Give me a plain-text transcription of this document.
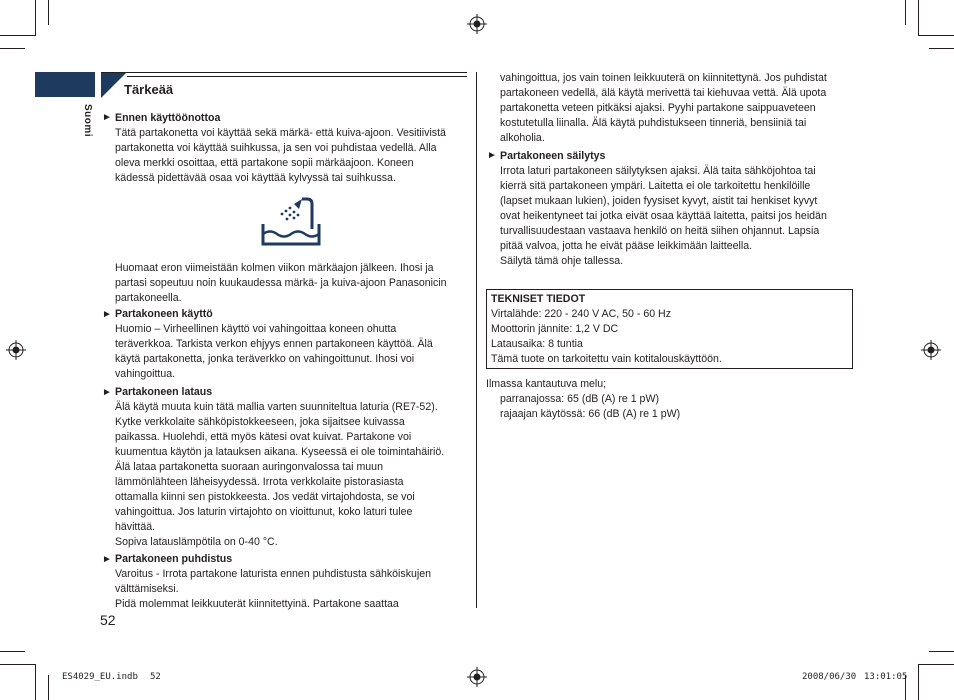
Suomi
Tärkeää
► Ennen käyttöönottoa
Tätä partakonetta voi käyttää sekä märkä- että kuiva-ajoon. Vesitiivistä
partakonetta voi käyttää suihkussa, ja sen voi puhdistaa vedellä. Alla
oleva merkki osoittaa, että partakone sopii märkäajoon. Koneen
kädessä pidettävää osaa voi käyttää kylvyssä tai suihkussa.
Huomaat eron viimeistään kolmen viikon märkäajon jälkeen. Ihosi ja
partasi sopeutuu noin kuukaudessa märkä- ja kuiva-ajoon Panasonicin
partakoneella.
► Partakoneen käyttö
Huomio – Virheellinen käyttö voi vahingoittaa koneen ohutta
teräverkkoa. Tarkista verkon ehjyys ennen partakoneen käyttöä. Älä
käytä partakonetta, jonka teräverkko on vahingoittunut. Ihosi voi
vahingoittua.
► Partakoneen lataus
Älä käytä muuta kuin tätä mallia varten suunniteltua laturia (RE7-52).
Kytke verkkolaite sähköpistokkeeseen, joka sijaitsee kuivassa
paikassa. Huolehdi, että myös kätesi ovat kuivat. Partakone voi
kuumentua käytön ja latauksen aikana. Kyseessä ei ole toimintahäiriö.
Älä lataa partakonetta suoraan auringonvalossa tai muun
lämmönlähteen läheisyydessä. Irrota verkkolaite pistorasiasta
ottamalla kiinni sen pistokkeesta. Jos vedät virtajohdosta, se voi
vahingoittua. Jos laturin virtajohto on vioittunut, koko laturi tulee
hävittää.
Sopiva latauslämpötila on 0-40 °C.
► Partakoneen puhdistus
Varoitus - Irrota partakone laturista ennen puhdistusta sähköiskujen
välttämiseksi.
Pidä molemmat leikkuuterät kiinnitettyinä. Partakone saattaa
52
vahingoittua, jos vain toinen leikkuuterä on kiinnitettynä. Jos puhdistat
partakoneen vedellä, älä käytä merivettä tai kiehuvaa vettä. Älä upota
partakonetta veteen pitkäksi ajaksi. Pyyhi partakone saippuaveteen
kostutetulla liinalla. Älä käytä puhdistukseen tinneriä, bensiiniä tai
alkoholia.
► Partakoneen säilytys
Irrota laturi partakoneen säilytyksen ajaksi. Älä taita sähköjohtoa tai
kierrä sitä partakoneen ympäri. Laitetta ei ole tarkoitettu henkilöille
(lapset mukaan lukien), joiden fyysiset kyvyt, aistit tai henkiset kyvyt
ovat heikentyneet tai jotka eivät osaa käyttää laitetta, paitsi jos heidän
turvallisuudestaan vastaava henkilö on heitä siihen ohjannut. Lapsia
pitää valvoa, jotta he eivät pääse leikkimään laitteella.
Säilytä tämä ohje tallessa.
TEKNISET TIEDOT
Virtalähde: 220 - 240 V AC, 50 - 60 Hz
Moottorin jännite: 1,2 V DC
Latausaika: 8 tuntia
Tämä tuote on tarkoitettu vain kotitalouskäyttöön.
Ilmassa kantautuva melu;
parranajossa: 65 (dB (A) re 1 pW)
rajaajan käytössä: 66 (dB (A) re 1 pW)
ES4029_EU.indb 52	2008/06/30 13:01:05
